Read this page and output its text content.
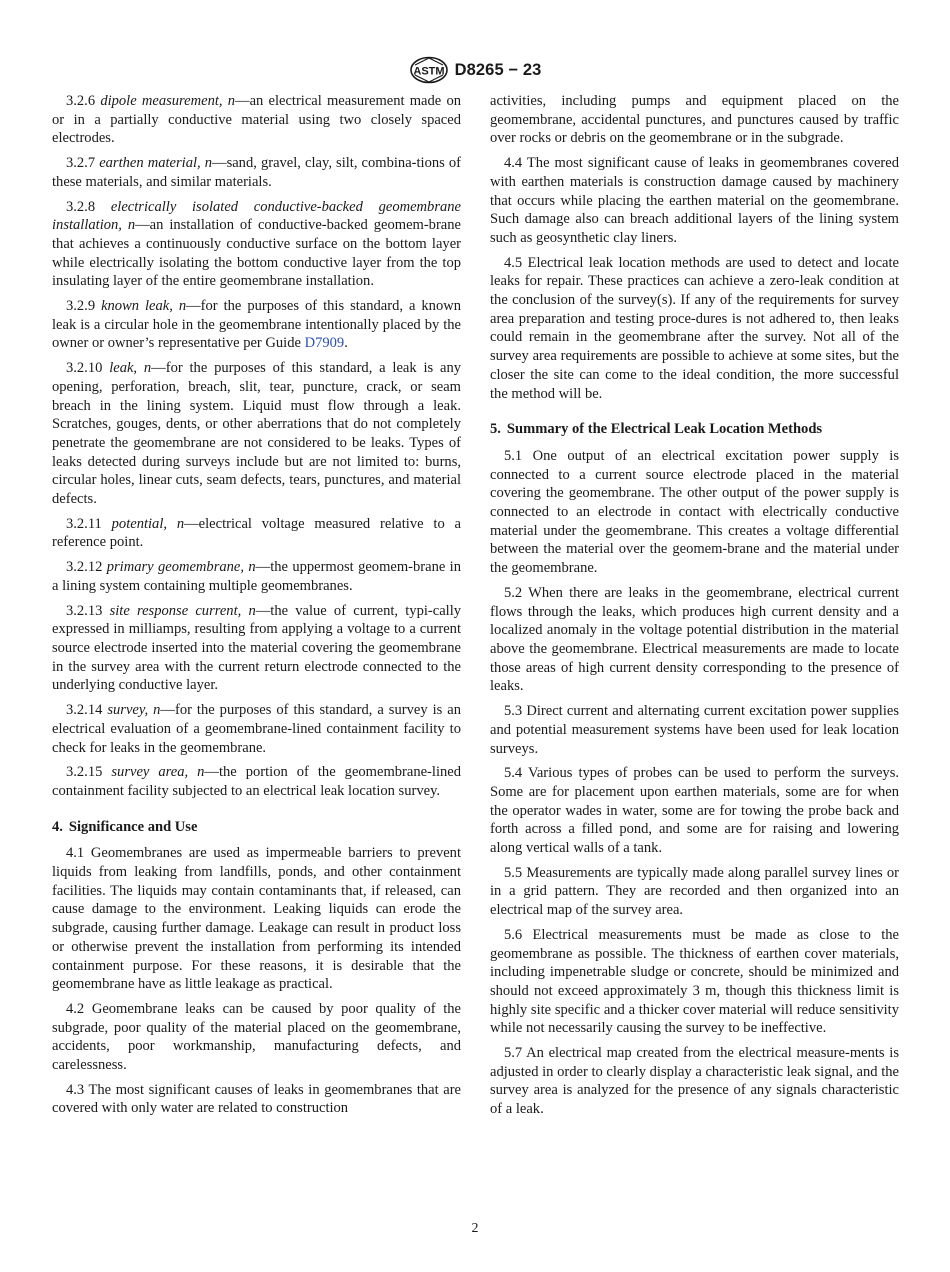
ASTM D8265 − 23

3.2.6 dipole measurement, n—an electrical measurement made on or in a partially conductive material using two closely spaced electrodes.

3.2.7 earthen material, n—sand, gravel, clay, silt, combina-tions of these materials, and similar materials.

3.2.8 electrically isolated conductive-backed geomembrane installation, n—an installation of conductive-backed geomem-brane that achieves a continuously conductive surface on the bottom layer while electrically isolating the bottom conductive layer from the top insulating layer of the entire geomembrane installation.

3.2.9 known leak, n—for the purposes of this standard, a known leak is a circular hole in the geomembrane intentionally placed by the owner or owner’s representative per Guide D7909.

3.2.10 leak, n—for the purposes of this standard, a leak is any opening, perforation, breach, slit, tear, puncture, crack, or seam breach in the lining system. Liquid must flow through a leak. Scratches, gouges, dents, or other aberrations that do not completely penetrate the geomembrane are not considered to be leaks. Types of leaks detected during surveys include but are not limited to: burns, circular holes, linear cuts, seam defects, tears, punctures, and material defects.

3.2.11 potential, n—electrical voltage measured relative to a reference point.

3.2.12 primary geomembrane, n—the uppermost geomem-brane in a lining system containing multiple geomembranes.

3.2.13 site response current, n—the value of current, typi-cally expressed in milliamps, resulting from applying a voltage to a current source electrode inserted into the material covering the geomembrane in the survey area with the current return electrode connected to the underlying conductive layer.

3.2.14 survey, n—for the purposes of this standard, a survey is an electrical evaluation of a geomembrane-lined containment facility to check for leaks in the geomembrane.

3.2.15 survey area, n—the portion of the geomembrane-lined containment facility subjected to an electrical leak location survey.

4. Significance and Use

4.1 Geomembranes are used as impermeable barriers to prevent liquids from leaking from landfills, ponds, and other containment facilities. The liquids may contain contaminants that, if released, can cause damage to the environment. Leaking liquids can erode the subgrade, causing further damage. Leakage can result in product loss or otherwise prevent the installation from performing its intended containment purpose. For these reasons, it is desirable that the geomembrane have as little leakage as practical.

4.2 Geomembrane leaks can be caused by poor quality of the subgrade, poor quality of the material placed on the geomembrane, accidents, poor workmanship, manufacturing defects, and carelessness.

4.3 The most significant causes of leaks in geomembranes that are covered with only water are related to construction

activities, including pumps and equipment placed on the geomembrane, accidental punctures, and punctures caused by traffic over rocks or debris on the geomembrane or in the subgrade.

4.4 The most significant cause of leaks in geomembranes covered with earthen materials is construction damage caused by machinery that occurs while placing the earthen material on the geomembrane. Such damage also can breach additional layers of the lining system such as geosynthetic clay liners.

4.5 Electrical leak location methods are used to detect and locate leaks for repair. These practices can achieve a zero-leak condition at the conclusion of the survey(s). If any of the requirements for survey area preparation and testing proce-dures is not adhered to, then leaks could remain in the geomembrane after the survey. Not all of the survey area requirements are possible to achieve at some sites, but the closer the site can come to the ideal condition, the more successful the method will be.

5. Summary of the Electrical Leak Location Methods

5.1 One output of an electrical excitation power supply is connected to a current source electrode placed in the material covering the geomembrane. The other output of the power supply is connected to an electrode in contact with electrically conductive material under the geomembrane. This creates a voltage differential between the material over the geomem-brane and the material under the geomembrane.

5.2 When there are leaks in the geomembrane, electrical current flows through the leaks, which produces high current density and a localized anomaly in the voltage potential distribution in the material above the geomembrane. Electrical measurements are made to locate those areas of high current density corresponding to the presence of leaks.

5.3 Direct current and alternating current excitation power supplies and potential measurement systems have been used for leak location surveys.

5.4 Various types of probes can be used to perform the surveys. Some are for placement upon earthen materials, some are for when the operator wades in water, some are for towing the probe back and forth across a filled pond, and some are for raising and lowering along vertical walls of a tank.

5.5 Measurements are typically made along parallel survey lines or in a grid pattern. They are recorded and then organized into an electrical map of the survey area.

5.6 Electrical measurements must be made as close to the geomembrane as possible. The thickness of earthen cover materials, including impenetrable sludge or concrete, should be minimized and should not exceed approximately 3 m, though this thickness limit is highly site specific and a thicker cover material will reduce sensitivity while not necessarily causing the survey to be ineffective.

5.7 An electrical map created from the electrical measure-ments is adjusted in order to clearly display a characteristic leak signal, and the survey area is analyzed for the presence of any signals characteristic of a leak.

2
